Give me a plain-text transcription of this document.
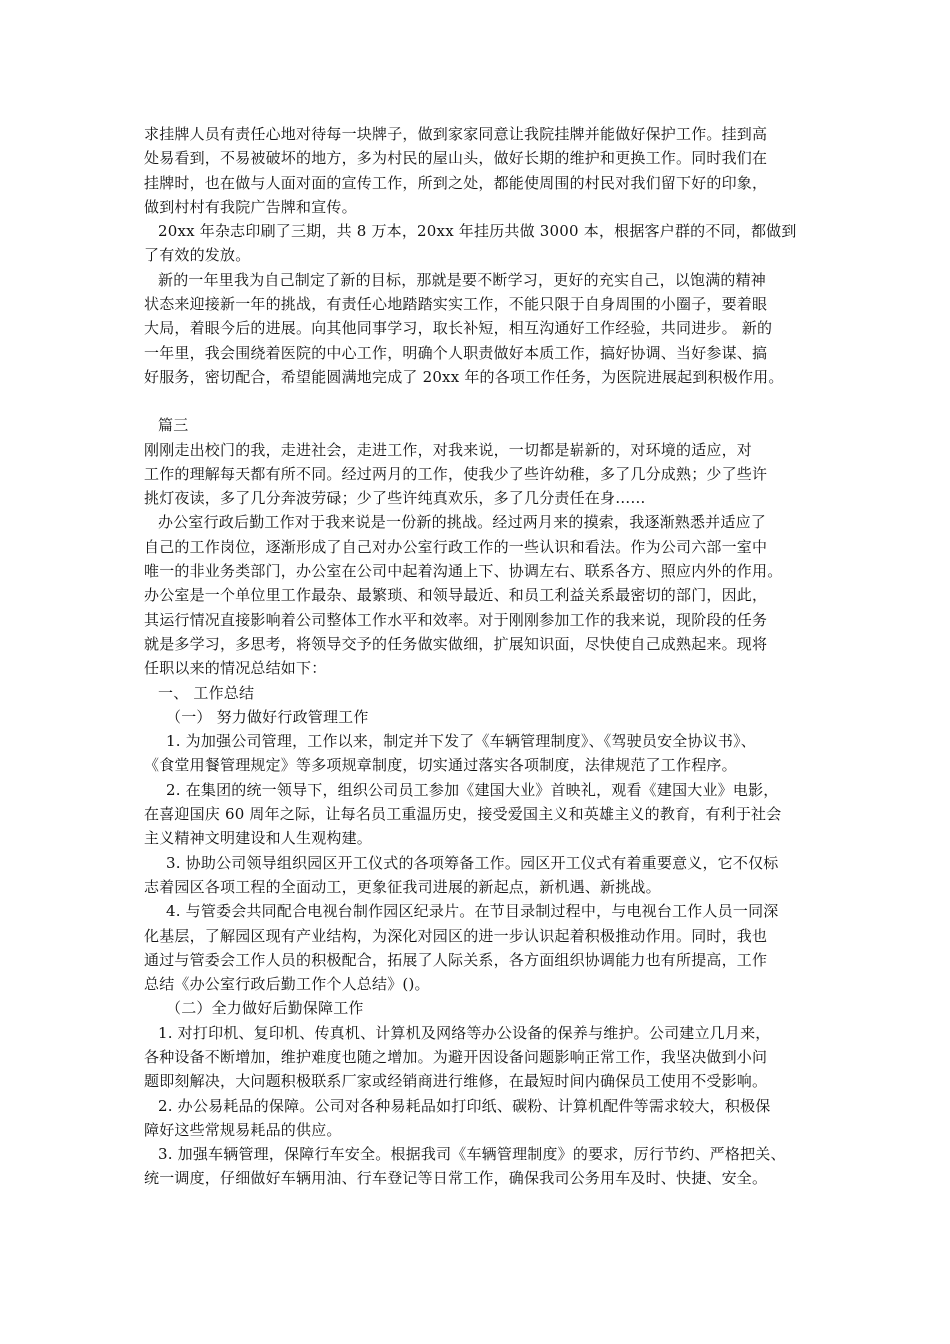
求挂牌人员有责任心地对待每一块牌子，做到家家同意让我院挂牌并能做好保护工作。挂到高
处易看到，不易被破坏的地方，多为村民的屋山头，做好长期的维护和更换工作。同时我们在
挂牌时，也在做与人面对面的宣传工作，所到之处，都能使周围的村民对我们留下好的印象，
做到村村有我院广告牌和宣传。
20xx 年杂志印刷了三期，共 8 万本，20xx 年挂历共做 3000 本，根据客户群的不同，都做到
了有效的发放。
新的一年里我为自己制定了新的目标，那就是要不断学习，更好的充实自己，以饱满的精神
状态来迎接新一年的挑战，有责任心地踏踏实实工作，不能只限于自身周围的小圈子，要着眼
大局，着眼今后的进展。向其他同事学习，取长补短，相互沟通好工作经验，共同进步。 新的
一年里，我会围绕着医院的中心工作，明确个人职责做好本质工作，搞好协调、当好参谋、搞
好服务，密切配合，希望能圆满地完成了 20xx 年的各项工作任务，为医院进展起到积极作用。
篇三
刚刚走出校门的我，走进社会，走进工作，对我来说，一切都是崭新的，对环境的适应，对
工作的理解每天都有所不同。经过两月的工作，使我少了些许幼稚，多了几分成熟；少了些许
挑灯夜读，多了几分奔波劳碌；少了些许纯真欢乐，多了几分责任在身……
办公室行政后勤工作对于我来说是一份新的挑战。经过两月来的摸索，我逐渐熟悉并适应了
自己的工作岗位，逐渐形成了自己对办公室行政工作的一些认识和看法。作为公司六部一室中
唯一的非业务类部门，办公室在公司中起着沟通上下、协调左右、联系各方、照应内外的作用。
办公室是一个单位里工作最杂、最繁琐、和领导最近、和员工利益关系最密切的部门，因此，
其运行情况直接影响着公司整体工作水平和效率。对于刚刚参加工作的我来说，现阶段的任务
就是多学习，多思考，将领导交予的任务做实做细，扩展知识面，尽快使自己成熟起来。现将
任职以来的情况总结如下：
一、 工作总结
（一） 努力做好行政管理工作
1. 为加强公司管理，工作以来，制定并下发了《车辆管理制度》、《驾驶员安全协议书》、
《食堂用餐管理规定》等多项规章制度，切实通过落实各项制度，法律规范了工作程序。
2. 在集团的统一领导下，组织公司员工参加《建国大业》首映礼，观看《建国大业》电影，
在喜迎国庆 60 周年之际，让每名员工重温历史，接受爱国主义和英雄主义的教育，有利于社会
主义精神文明建设和人生观构建。
3. 协助公司领导组织园区开工仪式的各项筹备工作。园区开工仪式有着重要意义，它不仅标
志着园区各项工程的全面动工，更象征我司进展的新起点，新机遇、新挑战。
4. 与管委会共同配合电视台制作园区纪录片。在节目录制过程中，与电视台工作人员一同深
化基层，了解园区现有产业结构，为深化对园区的进一步认识起着积极推动作用。同时，我也
通过与管委会工作人员的积极配合，拓展了人际关系，各方面组织协调能力也有所提高，工作
总结《办公室行政后勤工作个人总结》()。
（二）全力做好后勤保障工作
1. 对打印机、复印机、传真机、计算机及网络等办公设备的保养与维护。公司建立几月来，
各种设备不断增加，维护难度也随之增加。为避开因设备问题影响正常工作，我坚决做到小问
题即刻解决，大问题积极联系厂家或经销商进行维修，在最短时间内确保员工使用不受影响。
2. 办公易耗品的保障。公司对各种易耗品如打印纸、碳粉、计算机配件等需求较大，积极保
障好这些常规易耗品的供应。
3. 加强车辆管理，保障行车安全。根据我司《车辆管理制度》的要求，厉行节约、严格把关、
统一调度，仔细做好车辆用油、行车登记等日常工作，确保我司公务用车及时、快捷、安全。
